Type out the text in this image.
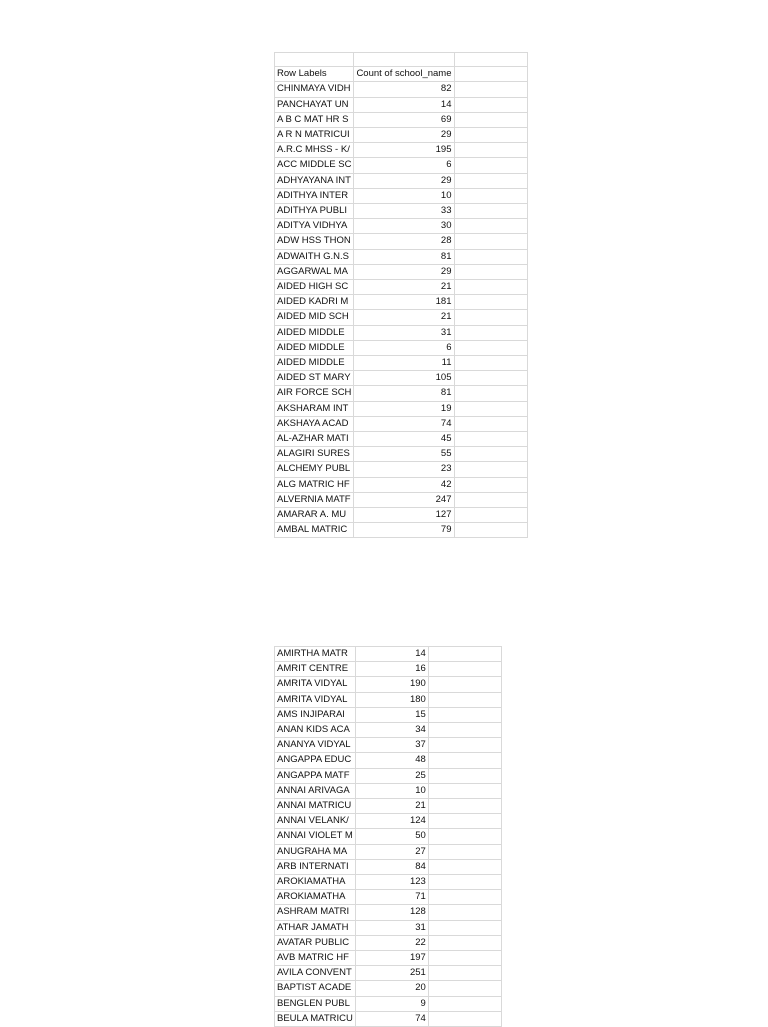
Row Labels	Count of school_name	
CHINMAYA VIDH	82	
PANCHAYAT UN	14	
A B C MAT HR S	69	
A R N MATRICUI	29	
A.R.C MHSS - K/	195	
ACC MIDDLE SC	6	
ADHYAYANA INT	29	
ADITHYA INTER	10	
ADITHYA PUBLI	33	
ADITYA VIDHYA	30	
ADW HSS THON	28	
ADWAITH G.N.S	81	
AGGARWAL MA	29	
AIDED HIGH SC	21	
AIDED KADRI M	181	
AIDED MID SCH	21	
AIDED MIDDLE	31	
AIDED MIDDLE	6	
AIDED MIDDLE	11	
AIDED ST MARY	105	
AIR FORCE SCH	81	
AKSHARAM INT	19	
AKSHAYA ACAD	74	
AL-AZHAR MATI	45	
ALAGIRI SURES	55	
ALCHEMY PUBL	23	
ALG MATRIC HF	42	
ALVERNIA MATF	247	
AMARAR A. MU	127	
AMBAL MATRIC	79	
AMIRTHA MATR	14	
AMRIT CENTRE	16	
AMRITA VIDYAL	190	
AMRITA VIDYAL	180	
AMS INJIPARAI	15	
ANAN KIDS ACA	34	
ANANYA VIDYAL	37	
ANGAPPA EDUC	48	
ANGAPPA MATF	25	
ANNAI ARIVAGA	10	
ANNAI MATRICU	21	
ANNAI VELANK/	124	
ANNAI VIOLET M	50	
ANUGRAHA MA	27	
ARB INTERNATI	84	
AROKIAMATHA	123	
AROKIAMATHA	71	
ASHRAM MATRI	128	
ATHAR JAMATH	31	
AVATAR PUBLIC	22	
AVB MATRIC HF	197	
AVILA CONVENT	251	
BAPTIST ACADE	20	
BENGLEN PUBL	9	
BEULA MATRICU	74	
